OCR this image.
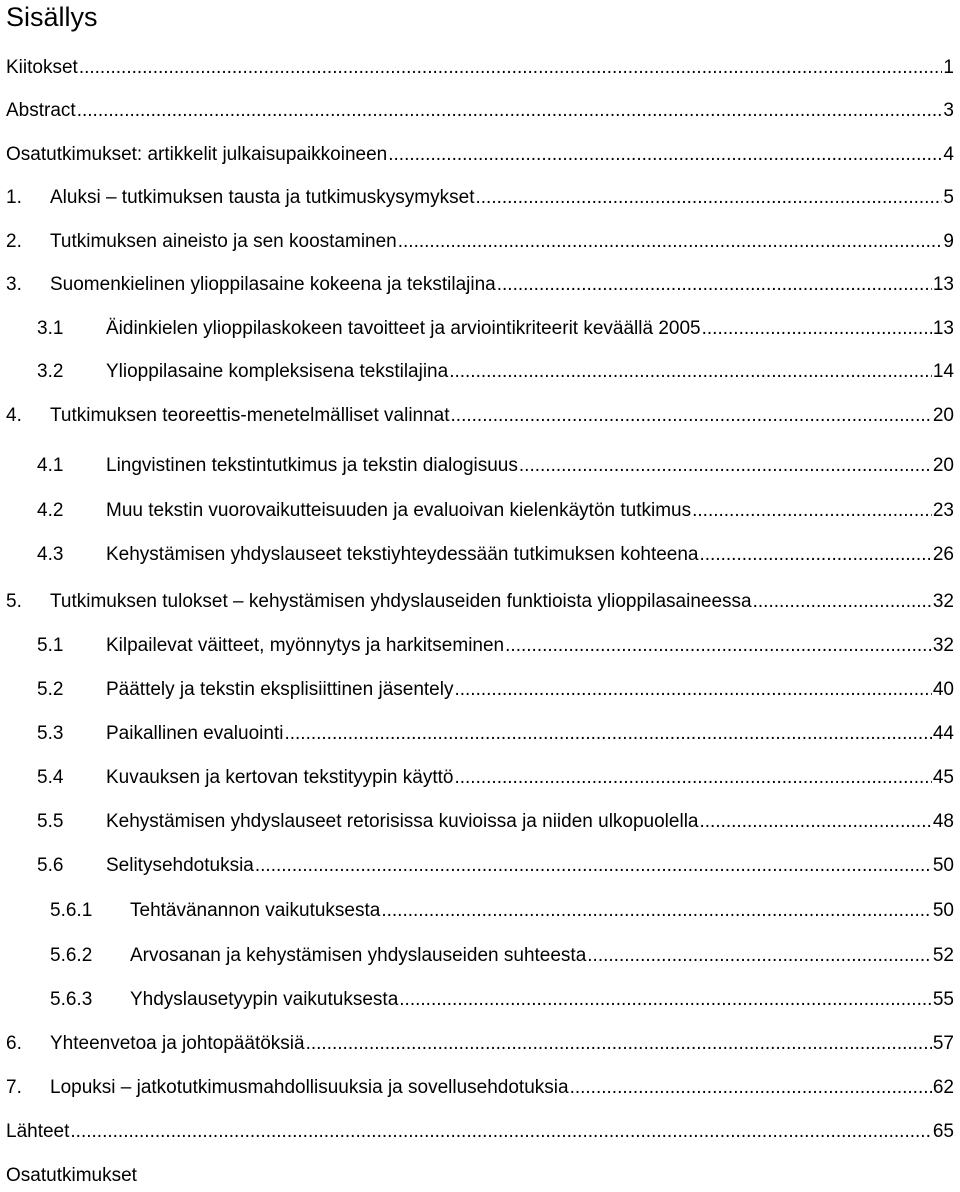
Sisällys
Kiitokset .....	1
Abstract .....	3
Osatutkimukset: artikkelit julkaisupaikkoineen .....	4
1. Aluksi – tutkimuksen tausta ja tutkimuskysymykset .....	5
2. Tutkimuksen aineisto ja sen koostaminen .....	9
3. Suomenkielinen ylioppilasaine kokeena ja tekstilajina .....	13
3.1 Äidinkielen ylioppilaskokeen tavoitteet ja arviointikriteerit keväällä 2005 .....	13
3.2 Ylioppilasaine kompleksisena tekstilajina .....	14
4. Tutkimuksen teoreettis-menetelmälliset valinnat .....	20
4.1 Lingvistinen tekstintutkimus ja tekstin dialogisuus .....	20
4.2 Muu tekstin vuorovaikutteisuuden ja evaluoivan kielenkäytön tutkimus .....	23
4.3 Kehystämisen yhdyslauseet tekstiyhteydessään tutkimuksen kohteena .....	26
5. Tutkimuksen tulokset – kehystämisen yhdyslauseiden funktioista ylioppilasaineessa .....	32
5.1 Kilpailevat väitteet, myönnytys ja harkitseminen .....	32
5.2 Päättely ja tekstin eksplisiittinen jäsentely .....	40
5.3 Paikallinen evaluointi .....	44
5.4 Kuvauksen ja kertovan tekstityypin käyttö .....	45
5.5 Kehystämisen yhdyslauseet retorisissa kuvioissa ja niiden ulkopuolella .....	48
5.6 Selitysehdotuksia .....	50
5.6.1 Tehtävänannon vaikutuksesta .....	50
5.6.2 Arvosanan ja kehystämisen yhdyslauseiden suhteesta .....	52
5.6.3 Yhdyslausetyypin vaikutuksesta .....	55
6. Yhteenvetoa ja johtopäätöksiä .....	57
7. Lopuksi – jatkotutkimusmahdollisuuksia ja sovellusehdotuksia .....	62
Lähteet .....	65
Osatutkimukset
